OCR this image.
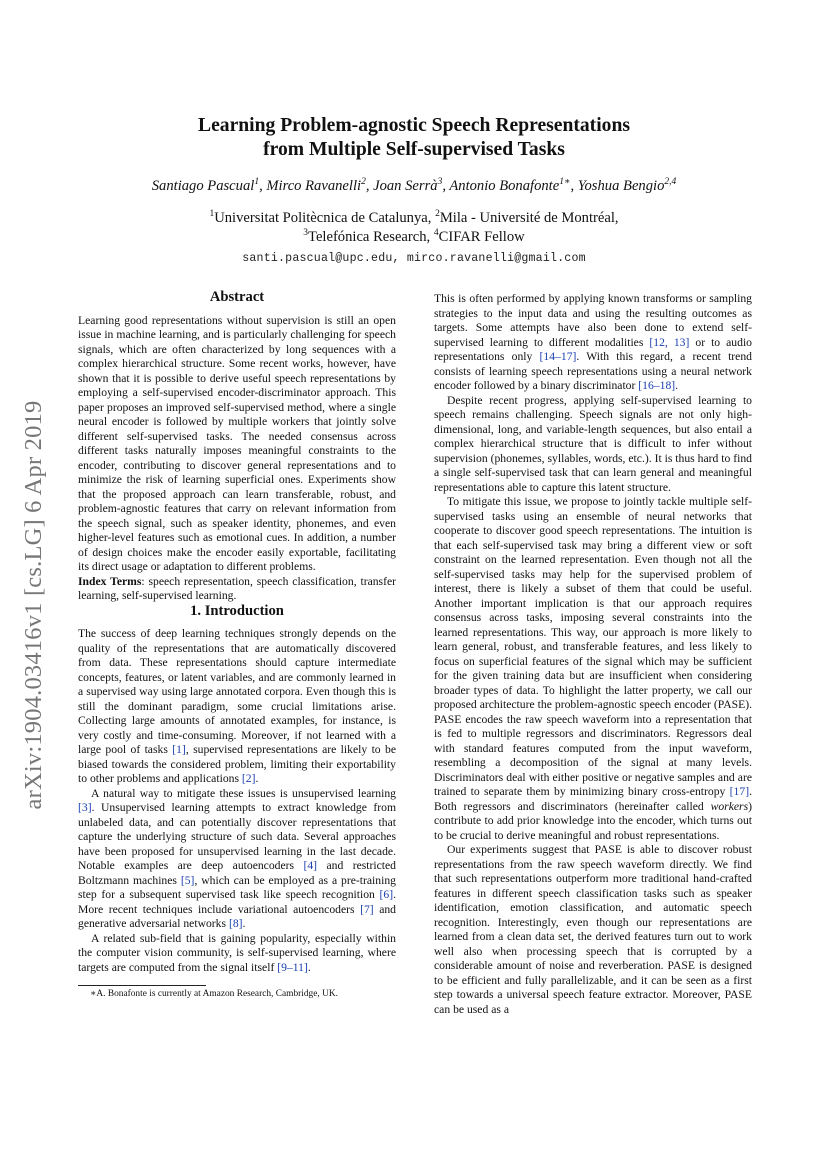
arXiv:1904.03416v1 [cs.LG] 6 Apr 2019
Learning Problem-agnostic Speech Representations
from Multiple Self-supervised Tasks
Santiago Pascual$^1$, Mirco Ravanelli$^2$, Joan Serrà$^3$, Antonio Bonafonte$^{1∗}$, Yoshua Bengio$^{2,4}$
$^1$Universitat Politècnica de Catalunya, $^2$Mila - Université de Montréal,
$^3$Telefónica Research, $^4$CIFAR Fellow
santi.pascual@upc.edu, mirco.ravanelli@gmail.com
Abstract

Learning good representations without supervision is still an open issue in machine learning, and is particularly challenging for speech signals, which are often characterized by long sequences with a complex hierarchical structure. Some recent works, however, have shown that it is possible to derive useful speech representations by employing a self-supervised encoder-discriminator approach. This paper proposes an improved self-supervised method, where a single neural encoder is followed by multiple workers that jointly solve different self-supervised tasks. The needed consensus across different tasks naturally imposes meaningful constraints to the encoder, contributing to discover general representations and to minimize the risk of learning superficial ones. Experiments show that the proposed approach can learn transferable, robust, and problem-agnostic features that carry on relevant information from the speech signal, such as speaker identity, phonemes, and even higher-level features such as emotional cues. In addition, a number of design choices make the encoder easily exportable, facilitating its direct usage or adaptation to different problems.

Index Terms: speech representation, speech classification, transfer learning, self-supervised learning.

1. Introduction

The success of deep learning techniques strongly depends on the quality of the representations that are automatically discovered from data. These representations should capture intermediate concepts, features, or latent variables, and are commonly learned in a supervised way using large annotated corpora. Even though this is still the dominant paradigm, some crucial limitations arise. Collecting large amounts of annotated examples, for instance, is very costly and time-consuming. Moreover, if not learned with a large pool of tasks [1], supervised representations are likely to be biased towards the considered problem, limiting their exportability to other problems and applications [2].

A natural way to mitigate these issues is unsupervised learning [3]. Unsupervised learning attempts to extract knowledge from unlabeled data, and can potentially discover representations that capture the underlying structure of such data. Several approaches have been proposed for unsupervised learning in the last decade. Notable examples are deep autoencoders [4] and restricted Boltzmann machines [5], which can be employed as a pre-training step for a subsequent supervised task like speech recognition [6]. More recent techniques include variational autoencoders [7] and generative adversarial networks [8].

A related sub-field that is gaining popularity, especially within the computer vision community, is self-supervised learning, where targets are computed from the signal itself [9–11].

∗A. Bonafonte is currently at Amazon Research, Cambridge, UK.

This is often performed by applying known transforms or sampling strategies to the input data and using the resulting outcomes as targets. Some attempts have also been done to extend self-supervised learning to different modalities [12, 13] or to audio representations only [14–17]. With this regard, a recent trend consists of learning speech representations using a neural network encoder followed by a binary discriminator [16–18].

Despite recent progress, applying self-supervised learning to speech remains challenging. Speech signals are not only high-dimensional, long, and variable-length sequences, but also entail a complex hierarchical structure that is difficult to infer without supervision (phonemes, syllables, words, etc.). It is thus hard to find a single self-supervised task that can learn general and meaningful representations able to capture this latent structure.

To mitigate this issue, we propose to jointly tackle multiple self-supervised tasks using an ensemble of neural networks that cooperate to discover good speech representations. The intuition is that each self-supervised task may bring a different view or soft constraint on the learned representation. Even though not all the self-supervised tasks may help for the supervised problem of interest, there is likely a subset of them that could be useful. Another important implication is that our approach requires consensus across tasks, imposing several constraints into the learned representations. This way, our approach is more likely to learn general, robust, and transferable features, and less likely to focus on superficial features of the signal which may be sufficient for the given training data but are insufficient when considering broader types of data. To highlight the latter property, we call our proposed architecture the problem-agnostic speech encoder (PASE). PASE encodes the raw speech waveform into a representation that is fed to multiple regressors and discriminators. Regressors deal with standard features computed from the input waveform, resembling a decomposition of the signal at many levels. Discriminators deal with either positive or negative samples and are trained to separate them by minimizing binary cross-entropy [17]. Both regressors and discriminators (hereinafter called workers) contribute to add prior knowledge into the encoder, which turns out to be crucial to derive meaningful and robust representations.

Our experiments suggest that PASE is able to discover robust representations from the raw speech waveform directly. We find that such representations outperform more traditional hand-crafted features in different speech classification tasks such as speaker identification, emotion classification, and automatic speech recognition. Interestingly, even though our representations are learned from a clean data set, the derived features turn out to work well also when processing speech that is corrupted by a considerable amount of noise and reverberation. PASE is designed to be efficient and fully parallelizable, and it can be seen as a first step towards a universal speech feature extractor. Moreover, PASE can be used as a
